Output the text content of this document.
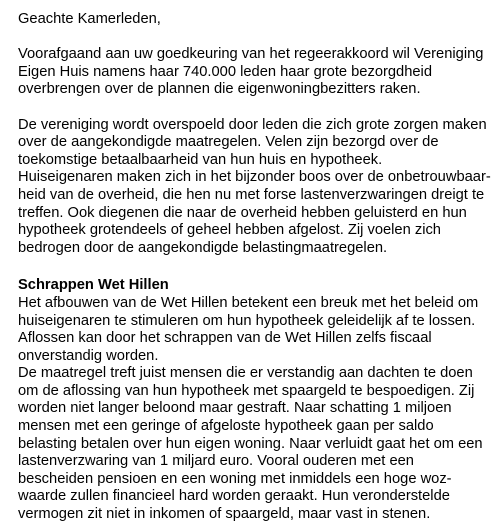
Geachte Kamerleden,
Voorafgaand aan uw goedkeuring van het regeerakkoord wil Vereniging
Eigen Huis namens haar 740.000 leden haar grote bezorgdheid
overbrengen over de plannen die eigenwoningbezitters raken.
De vereniging wordt overspoeld door leden die zich grote zorgen maken
over de aangekondigde maatregelen. Velen zijn bezorgd over de
toekomstige betaalbaarheid van hun huis en hypotheek.
Huiseigenaren maken zich in het bijzonder boos over de onbetrouwbaar-
heid van de overheid, die hen nu met forse lastenverzwaringen dreigt te
treffen. Ook diegenen die naar de overheid hebben geluisterd en hun
hypotheek grotendeels of geheel hebben afgelost. Zij voelen zich
bedrogen door de aangekondigde belastingmaatregelen.
Schrappen Wet Hillen
Het afbouwen van de Wet Hillen betekent een breuk met het beleid om
huiseigenaren te stimuleren om hun hypotheek geleidelijk af te lossen.
Aflossen kan door het schrappen van de Wet Hillen zelfs fiscaal
onverstandig worden.
De maatregel treft juist mensen die er verstandig aan dachten te doen
om de aflossing van hun hypotheek met spaargeld te bespoedigen. Zij
worden niet langer beloond maar gestraft. Naar schatting 1 miljoen
mensen met een geringe of afgeloste hypotheek gaan per saldo
belasting betalen over hun eigen woning. Naar verluidt gaat het om een
lastenverzwaring van 1 miljard euro. Vooral ouderen met een
bescheiden pensioen en een woning met inmiddels een hoge woz-
waarde zullen financieel hard worden geraakt. Hun veronderstelde
vermogen zit niet in inkomen of spaargeld, maar vast in stenen.
